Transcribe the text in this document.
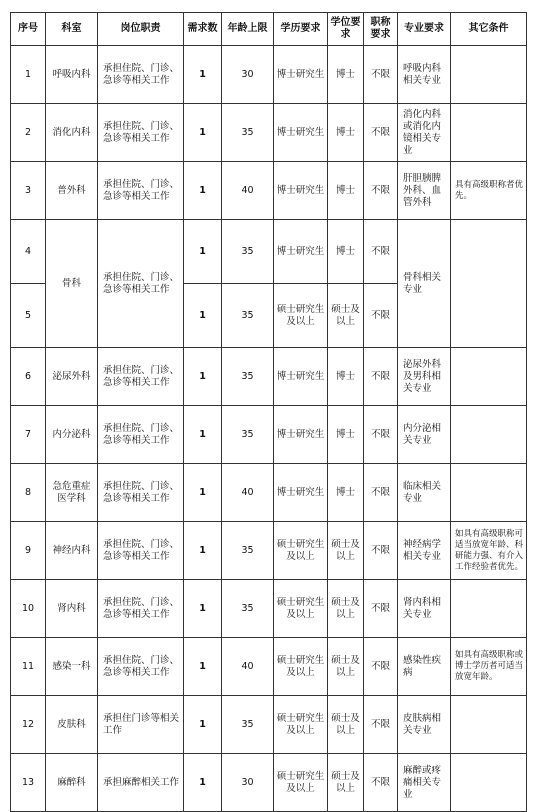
序号	科室	岗位职责	需求数	年龄上限	学历要求	学位要求	职称要求	专业要求	其它条件
1	呼吸内科	承担住院、门诊、急诊等相关工作	1	30	博士研究生	博士	不限	呼吸内科相关专业	
2	消化内科	承担住院、门诊、急诊等相关工作	1	35	博士研究生	博士	不限	消化内科或消化内镜相关专业	
3	普外科	承担住院、门诊、急诊等相关工作	1	40	博士研究生	博士	不限	肝胆胰脾外科、血管外科	具有高级职称者优先。
4	骨科	承担住院、门诊、急诊等相关工作	1	35	博士研究生	博士	不限	骨科相关专业	
5			1	35	硕士研究生及以上	硕士及以上	不限		
6	泌尿外科	承担住院、门诊、急诊等相关工作	1	35	博士研究生	博士	不限	泌尿外科及男科相关专业	
7	内分泌科	承担住院、门诊、急诊等相关工作	1	35	博士研究生	博士	不限	内分泌相关专业	
8	急危重症医学科	承担住院、门诊、急诊等相关工作	1	40	博士研究生	博士	不限	临床相关专业	
9	神经内科	承担住院、门诊、急诊等相关工作	1	35	硕士研究生及以上	硕士及以上	不限	神经病学相关专业	如具有高级职称可适当放宽年龄、科研能力强、有介入工作经验者优先。
10	肾内科	承担住院、门诊、急诊等相关工作	1	35	硕士研究生及以上	硕士及以上	不限	肾内科相关专业	
11	感染一科	承担住院、门诊、急诊等相关工作	1	40	硕士研究生及以上	硕士及以上	不限	感染性疾病	如具有高级职称或博士学历者可适当放宽年龄。
12	皮肤科	承担住门诊等相关工作	1	35	硕士研究生及以上	硕士及以上	不限	皮肤病相关专业	
13	麻醉科	承担麻醉相关工作	1	30	硕士研究生及以上	硕士及以上	不限	麻醉或疼痛相关专业	
